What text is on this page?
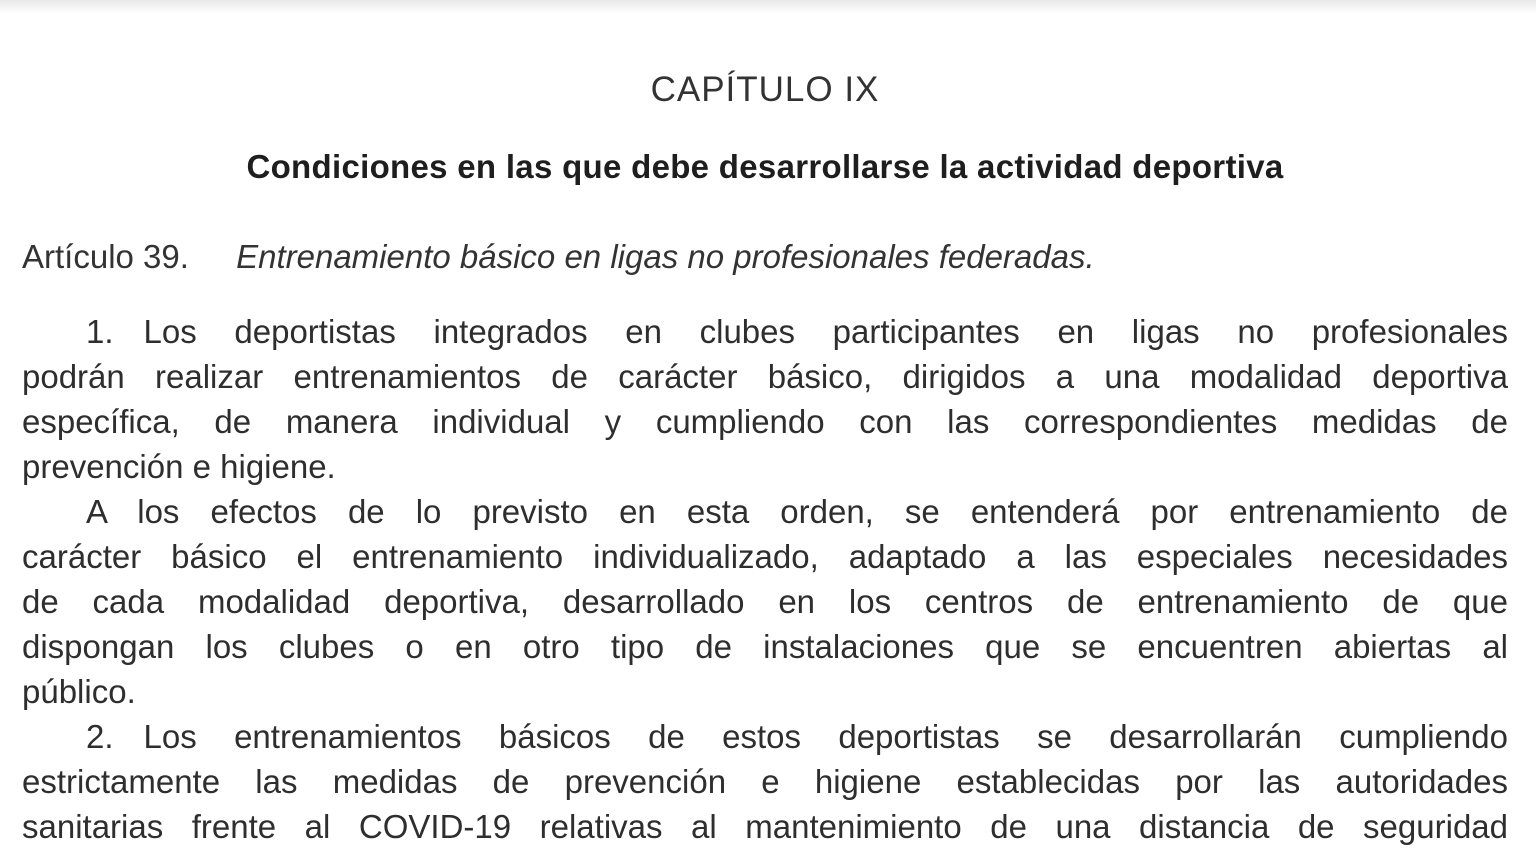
CAPÍTULO IX
Condiciones en las que debe desarrollarse la actividad deportiva
Artículo 39. Entrenamiento básico en ligas no profesionales federadas.
1. Los deportistas integrados en clubes participantes en ligas no profesionales
podrán realizar entrenamientos de carácter básico, dirigidos a una modalidad deportiva
específica, de manera individual y cumpliendo con las correspondientes medidas de
prevención e higiene.
A los efectos de lo previsto en esta orden, se entenderá por entrenamiento de
carácter básico el entrenamiento individualizado, adaptado a las especiales necesidades
de cada modalidad deportiva, desarrollado en los centros de entrenamiento de que
dispongan los clubes o en otro tipo de instalaciones que se encuentren abiertas al
público.
2. Los entrenamientos básicos de estos deportistas se desarrollarán cumpliendo
estrictamente las medidas de prevención e higiene establecidas por las autoridades
sanitarias frente al COVID-19 relativas al mantenimiento de una distancia de seguridad
